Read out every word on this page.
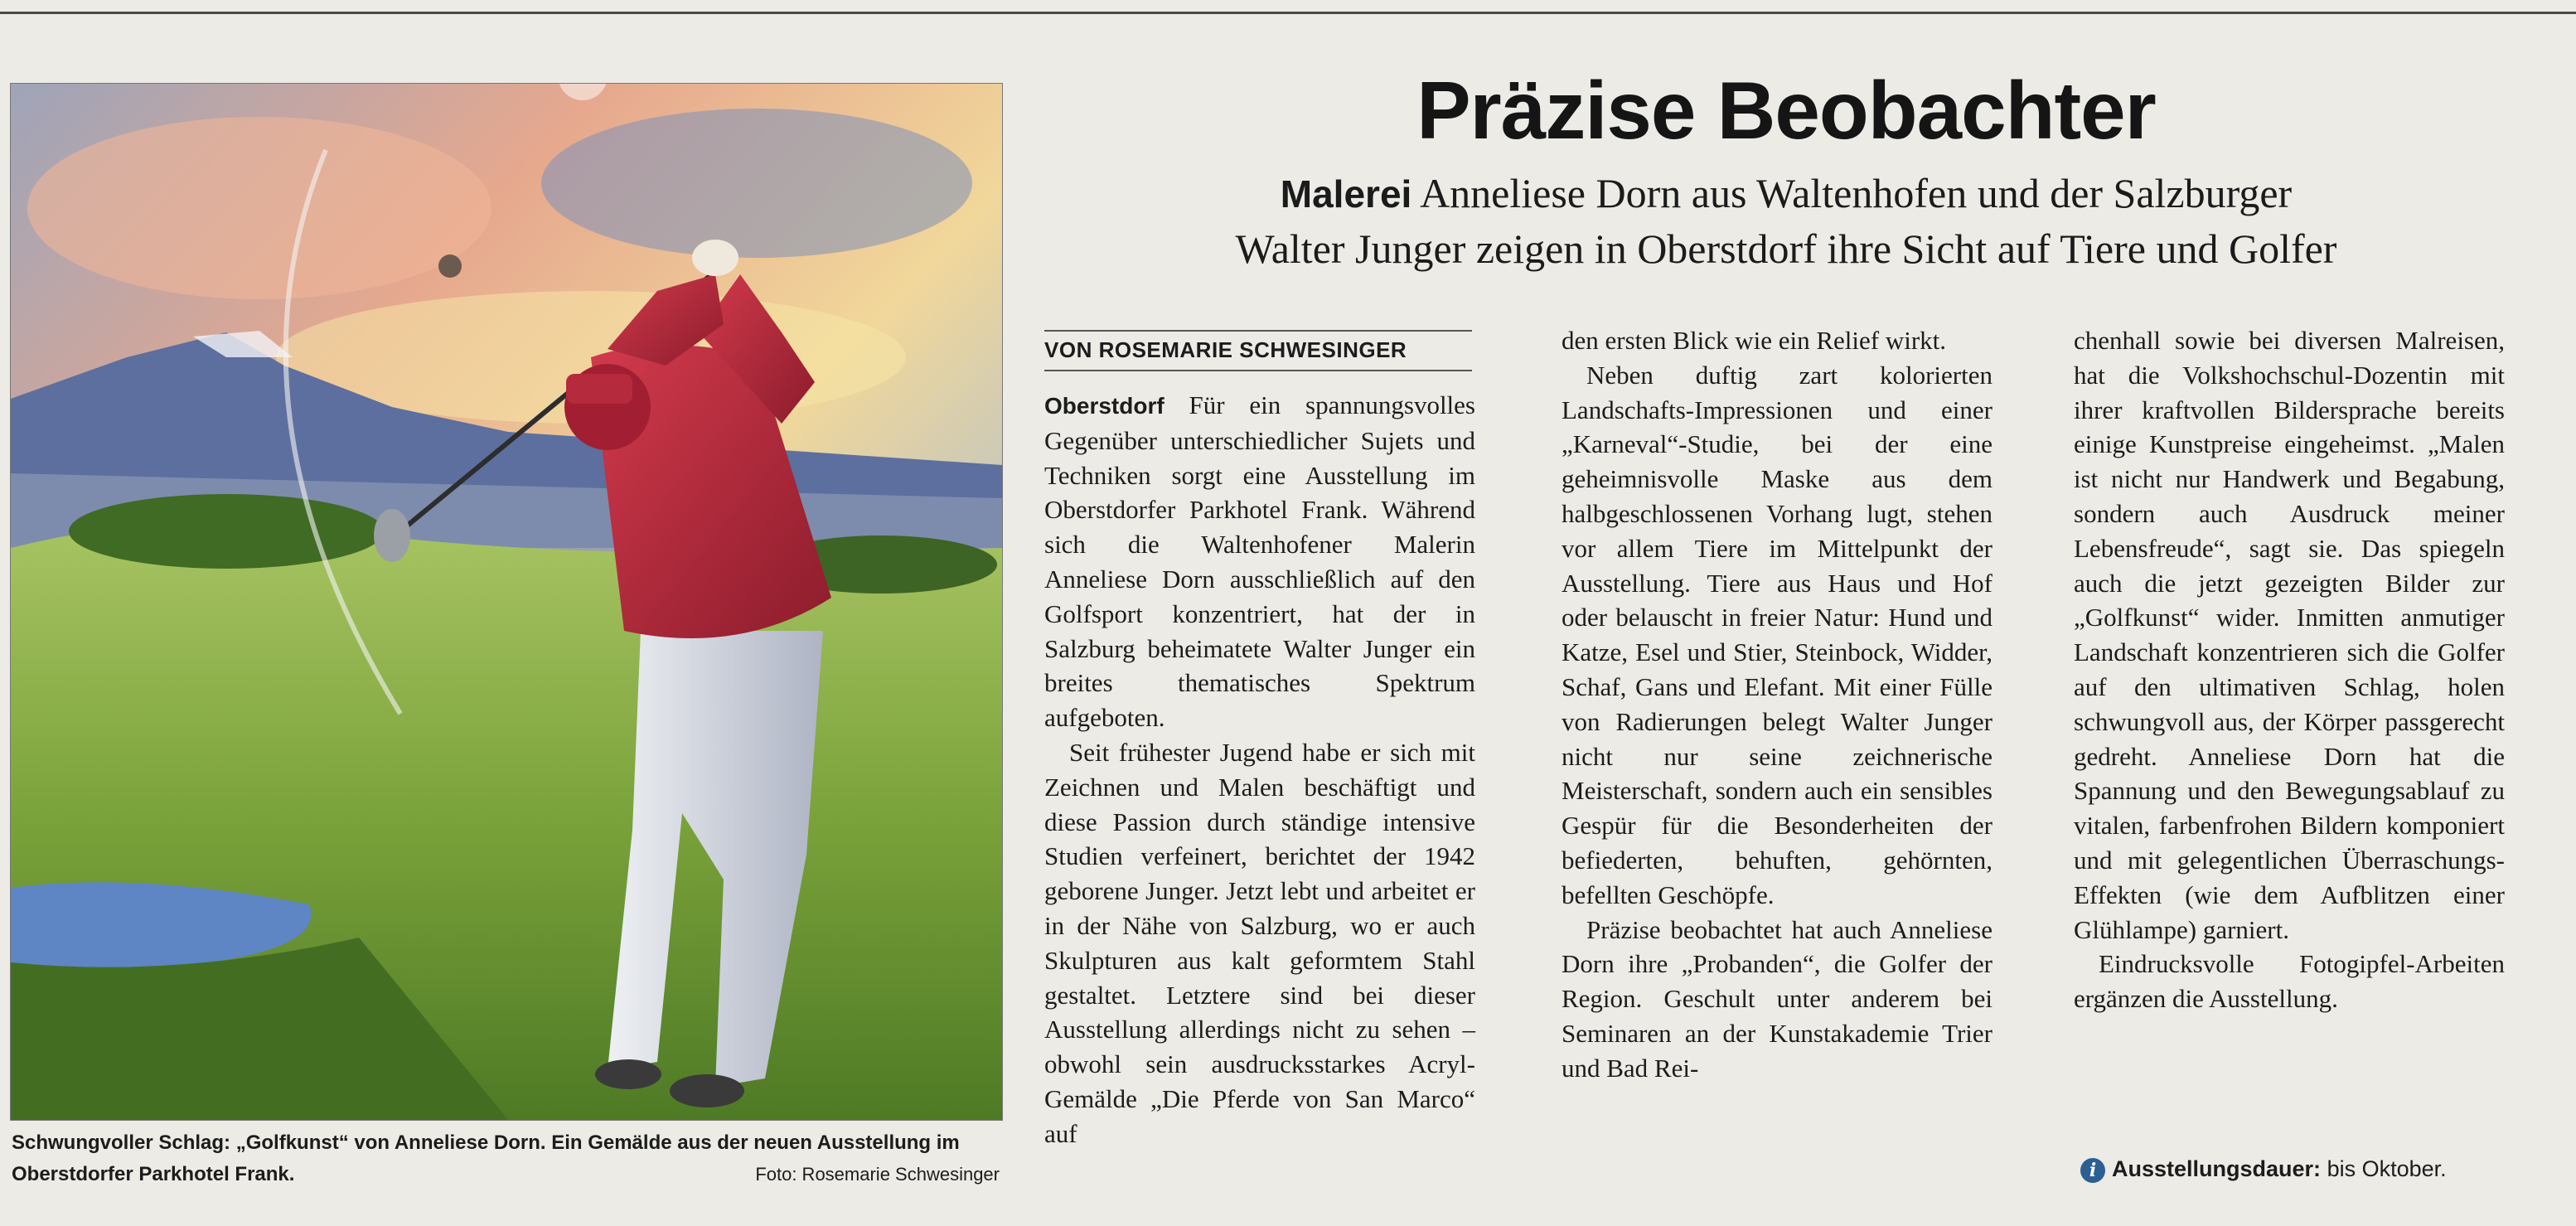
Schwungvoller Schlag: „Golfkunst“ von Anneliese Dorn. Ein Gemälde aus der neuen Ausstellung im Oberstdorfer Parkhotel Frank.	Foto: Rosemarie Schwesinger
Präzise Beobachter
Malerei Anneliese Dorn aus Waltenhofen und der Salzburger
Walter Junger zeigen in Oberstdorf ihre Sicht auf Tiere und Golfer
VON ROSEMARIE SCHWESINGER

Oberstdorf Für ein spannungsvolles Gegenüber unterschiedlicher Sujets und Techniken sorgt eine Ausstellung im Oberstdorfer Parkhotel Frank. Während sich die Waltenhofener Malerin Anneliese Dorn ausschließlich auf den Golfsport konzentriert, hat der in Salzburg beheimatete Walter Junger ein breites thematisches Spektrum aufgeboten.

Seit frühester Jugend habe er sich mit Zeichnen und Malen beschäftigt und diese Passion durch ständige intensive Studien verfeinert, berichtet der 1942 geborene Junger. Jetzt lebt und arbeitet er in der Nähe von Salzburg, wo er auch Skulpturen aus kalt geformtem Stahl gestaltet. Letztere sind bei dieser Ausstellung allerdings nicht zu sehen – obwohl sein ausdrucksstarkes Acryl-Gemälde „Die Pferde von San Marco“ auf

den ersten Blick wie ein Relief wirkt.

Neben duftig zart kolorierten Landschafts-Impressionen und einer „Karneval“-Studie, bei der eine geheimnisvolle Maske aus dem halbgeschlossenen Vorhang lugt, stehen vor allem Tiere im Mittelpunkt der Ausstellung. Tiere aus Haus und Hof oder belauscht in freier Natur: Hund und Katze, Esel und Stier, Steinbock, Widder, Schaf, Gans und Elefant. Mit einer Fülle von Radierungen belegt Walter Junger nicht nur seine zeichnerische Meisterschaft, sondern auch ein sensibles Gespür für die Besonderheiten der befiederten, behuften, gehörnten, befellten Geschöpfe.

Präzise beobachtet hat auch Anneliese Dorn ihre „Probanden“, die Golfer der Region. Geschult unter anderem bei Seminaren an der Kunstakademie Trier und Bad Rei-

chenhall sowie bei diversen Malreisen, hat die Volkshochschul-Dozentin mit ihrer kraftvollen Bildersprache bereits einige Kunstpreise eingeheimst. „Malen ist nicht nur Handwerk und Begabung, sondern auch Ausdruck meiner Lebensfreude“, sagt sie. Das spiegeln auch die jetzt gezeigten Bilder zur „Golfkunst“ wider. Inmitten anmutiger Landschaft konzentrieren sich die Golfer auf den ultimativen Schlag, holen schwungvoll aus, der Körper passgerecht gedreht. Anneliese Dorn hat die Spannung und den Bewegungsablauf zu vitalen, farbenfrohen Bildern komponiert und mit gelegentlichen Überraschungs-Effekten (wie dem Aufblitzen einer Glühlampe) garniert.

Eindrucksvolle Fotogipfel-Arbeiten ergänzen die Ausstellung.

i Ausstellungsdauer: bis Oktober.
